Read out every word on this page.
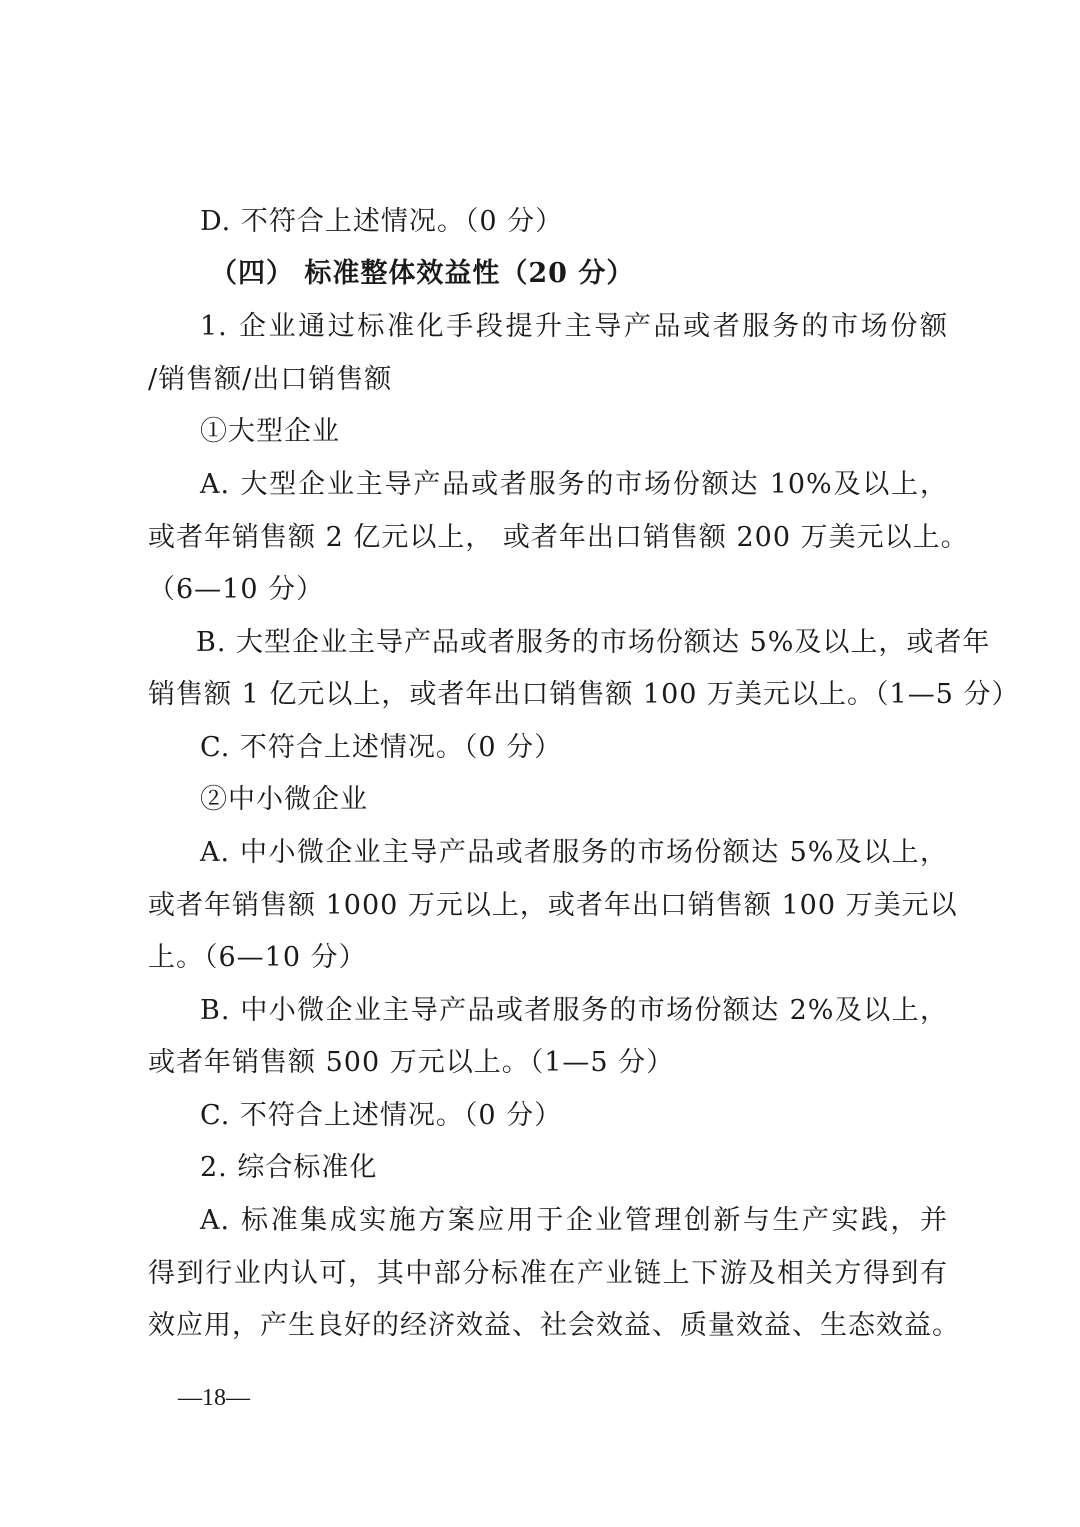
D. 不符合上述情况。（0 分）
（四） 标准整体效益性（20 分）
1. 企业通过标准化手段提升主导产品或者服务的市场份额
/销售额/出口销售额
①大型企业
A. 大型企业主导产品或者服务的市场份额达 10%及以上，
或者年销售额 2 亿元以上， 或者年出口销售额 200 万美元以上。
（6—10 分）
B. 大型企业主导产品或者服务的市场份额达 5%及以上，或者年
销售额 1 亿元以上，或者年出口销售额 100 万美元以上。（1—5 分）
C. 不符合上述情况。（0 分）
②中小微企业
A. 中小微企业主导产品或者服务的市场份额达 5%及以上，
或者年销售额 1000 万元以上，或者年出口销售额 100 万美元以
上。（6—10 分）
B. 中小微企业主导产品或者服务的市场份额达 2%及以上，
或者年销售额 500 万元以上。（1—5 分）
C. 不符合上述情况。（0 分）
2. 综合标准化
A. 标准集成实施方案应用于企业管理创新与生产实践，并
得到行业内认可，其中部分标准在产业链上下游及相关方得到有
效应用，产生良好的经济效益、社会效益、质量效益、生态效益。
—18—
